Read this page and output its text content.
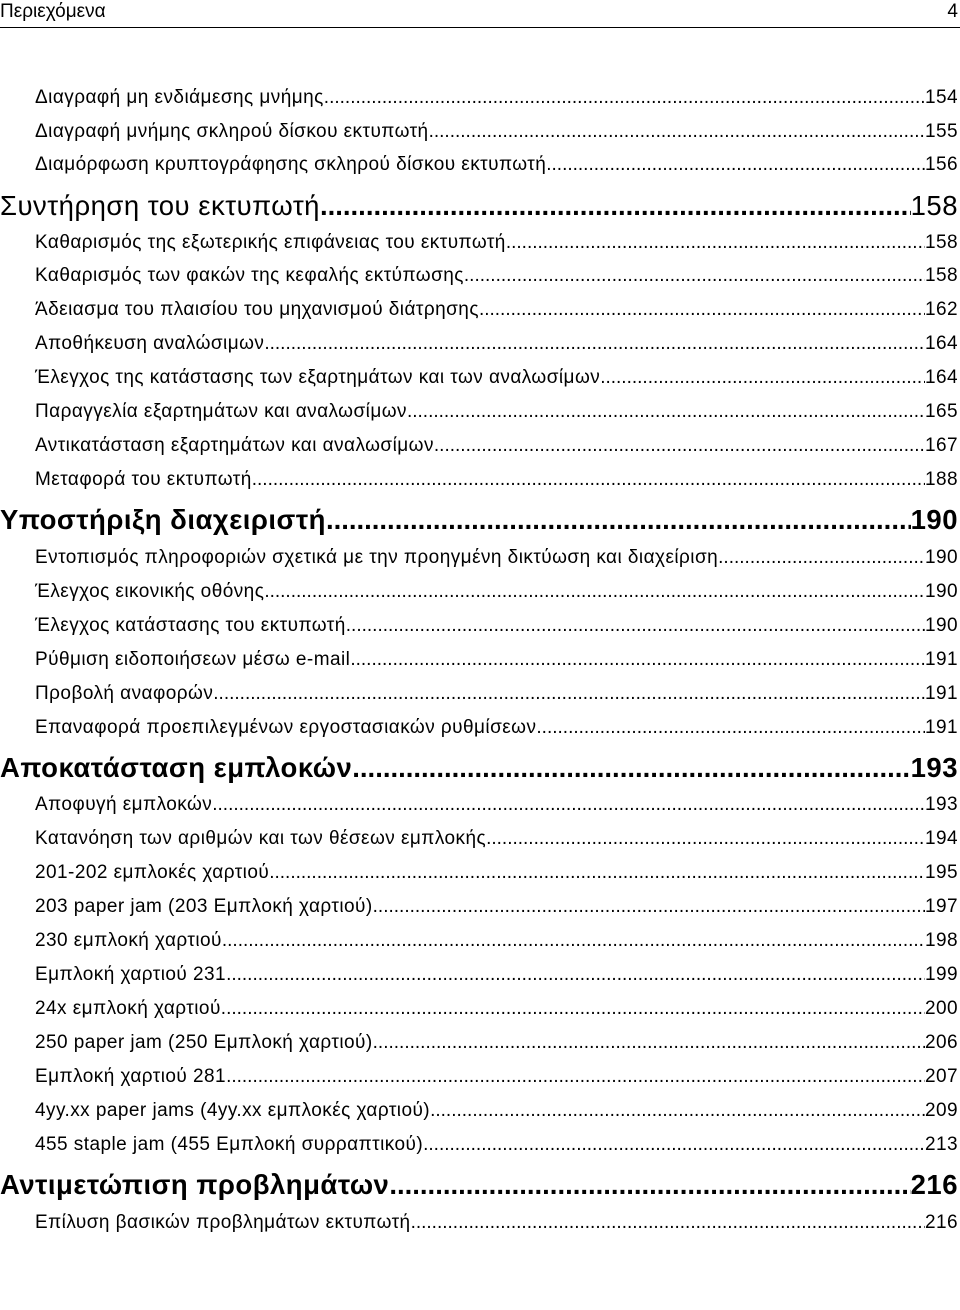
Περιεχόμενα	4
Διαγραφή μη ενδιάμεσης μνήμης .....	154
Διαγραφή μνήμης σκληρού δίσκου εκτυπωτή .....	155
Διαμόρφωση κρυπτογράφησης σκληρού δίσκου εκτυπωτή .....	156
Συντήρηση του εκτυπωτή .....	158
Καθαρισμός της εξωτερικής επιφάνειας του εκτυπωτή .....	158
Καθαρισμός των φακών της κεφαλής εκτύπωσης .....	158
Άδειασμα του πλαισίου του μηχανισμού διάτρησης .....	162
Αποθήκευση αναλώσιμων .....	164
Έλεγχος της κατάστασης των εξαρτημάτων και των αναλωσίμων .....	164
Παραγγελία εξαρτημάτων και αναλωσίμων .....	165
Αντικατάσταση εξαρτημάτων και αναλωσίμων .....	167
Μεταφορά του εκτυπωτή .....	188
Υποστήριξη διαχειριστή .....	190
Εντοπισμός πληροφοριών σχετικά με την προηγμένη δικτύωση και διαχείριση .....	190
Έλεγχος εικονικής οθόνης .....	190
Έλεγχος κατάστασης του εκτυπωτή .....	190
Ρύθμιση ειδοποιήσεων μέσω e-mail .....	191
Προβολή αναφορών .....	191
Επαναφορά προεπιλεγμένων εργοστασιακών ρυθμίσεων .....	191
Αποκατάσταση εμπλοκών .....	193
Αποφυγή εμπλοκών .....	193
Κατανόηση των αριθμών και των θέσεων εμπλοκής .....	194
201-202 εμπλοκές χαρτιού .....	195
203 paper jam (203 Εμπλοκή χαρτιού) .....	197
230 εμπλοκή χαρτιού .....	198
Εμπλοκή χαρτιού 231 .....	199
24x εμπλοκή χαρτιού .....	200
250 paper jam (250 Εμπλοκή χαρτιού) .....	206
Εμπλοκή χαρτιού 281 .....	207
4yy.xx paper jams (4yy.xx εμπλοκές χαρτιού) .....	209
455 staple jam (455 Εμπλοκή συρραπτικού) .....	213
Αντιμετώπιση προβλημάτων .....	216
Επίλυση βασικών προβλημάτων εκτυπωτή .....	216
